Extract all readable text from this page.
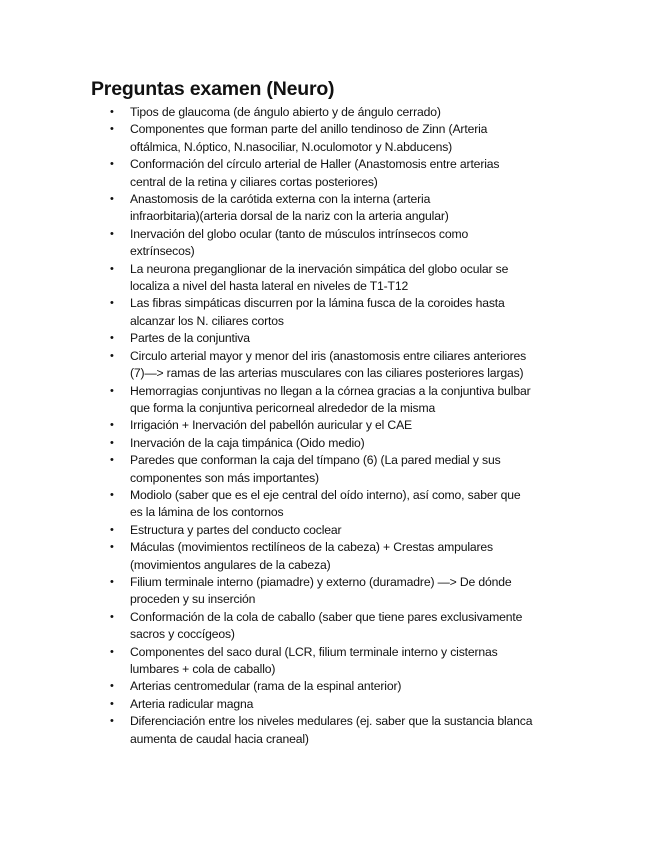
Preguntas examen (Neuro)
• Tipos de glaucoma (de ángulo abierto y de ángulo cerrado)
• Componentes que forman parte del anillo tendinoso de Zinn (Arteria
oftálmica, N.óptico, N.nasociliar, N.oculomotor y N.abducens)
• Conformación del círculo arterial de Haller (Anastomosis entre arterias
central de la retina y ciliares cortas posteriores)
• Anastomosis de la carótida externa con la interna (arteria
infraorbitaria)(arteria dorsal de la nariz con la arteria angular)
• Inervación del globo ocular (tanto de músculos intrínsecos como
extrínsecos)
• La neurona preganglionar de la inervación simpática del globo ocular se
localiza a nivel del hasta lateral en niveles de T1-T12
• Las fibras simpáticas discurren por la lámina fusca de la coroides hasta
alcanzar los N. ciliares cortos
• Partes de la conjuntiva
• Circulo arterial mayor y menor del iris (anastomosis entre ciliares anteriores
(7)—> ramas de las arterias musculares con las ciliares posteriores largas)
• Hemorragias conjuntivas no llegan a la córnea gracias a la conjuntiva bulbar
que forma la conjuntiva pericorneal alrededor de la misma
• Irrigación + Inervación del pabellón auricular y el CAE
• Inervación de la caja timpánica (Oido medio)
• Paredes que conforman la caja del tímpano (6) (La pared medial y sus
componentes son más importantes)
• Modiolo (saber que es el eje central del oído interno), así como, saber que
es la lámina de los contornos
• Estructura y partes del conducto coclear
• Máculas (movimientos rectilíneos de la cabeza) + Crestas ampulares
(movimientos angulares de la cabeza)
• Filium terminale interno (piamadre) y externo (duramadre) —> De dónde
proceden y su inserción
• Conformación de la cola de caballo (saber que tiene pares exclusivamente
sacros y coccígeos)
• Componentes del saco dural (LCR, filium terminale interno y cisternas
lumbares + cola de caballo)
• Arterias centromedular (rama de la espinal anterior)
• Arteria radicular magna
• Diferenciación entre los niveles medulares (ej. saber que la sustancia blanca
aumenta de caudal hacia craneal)
